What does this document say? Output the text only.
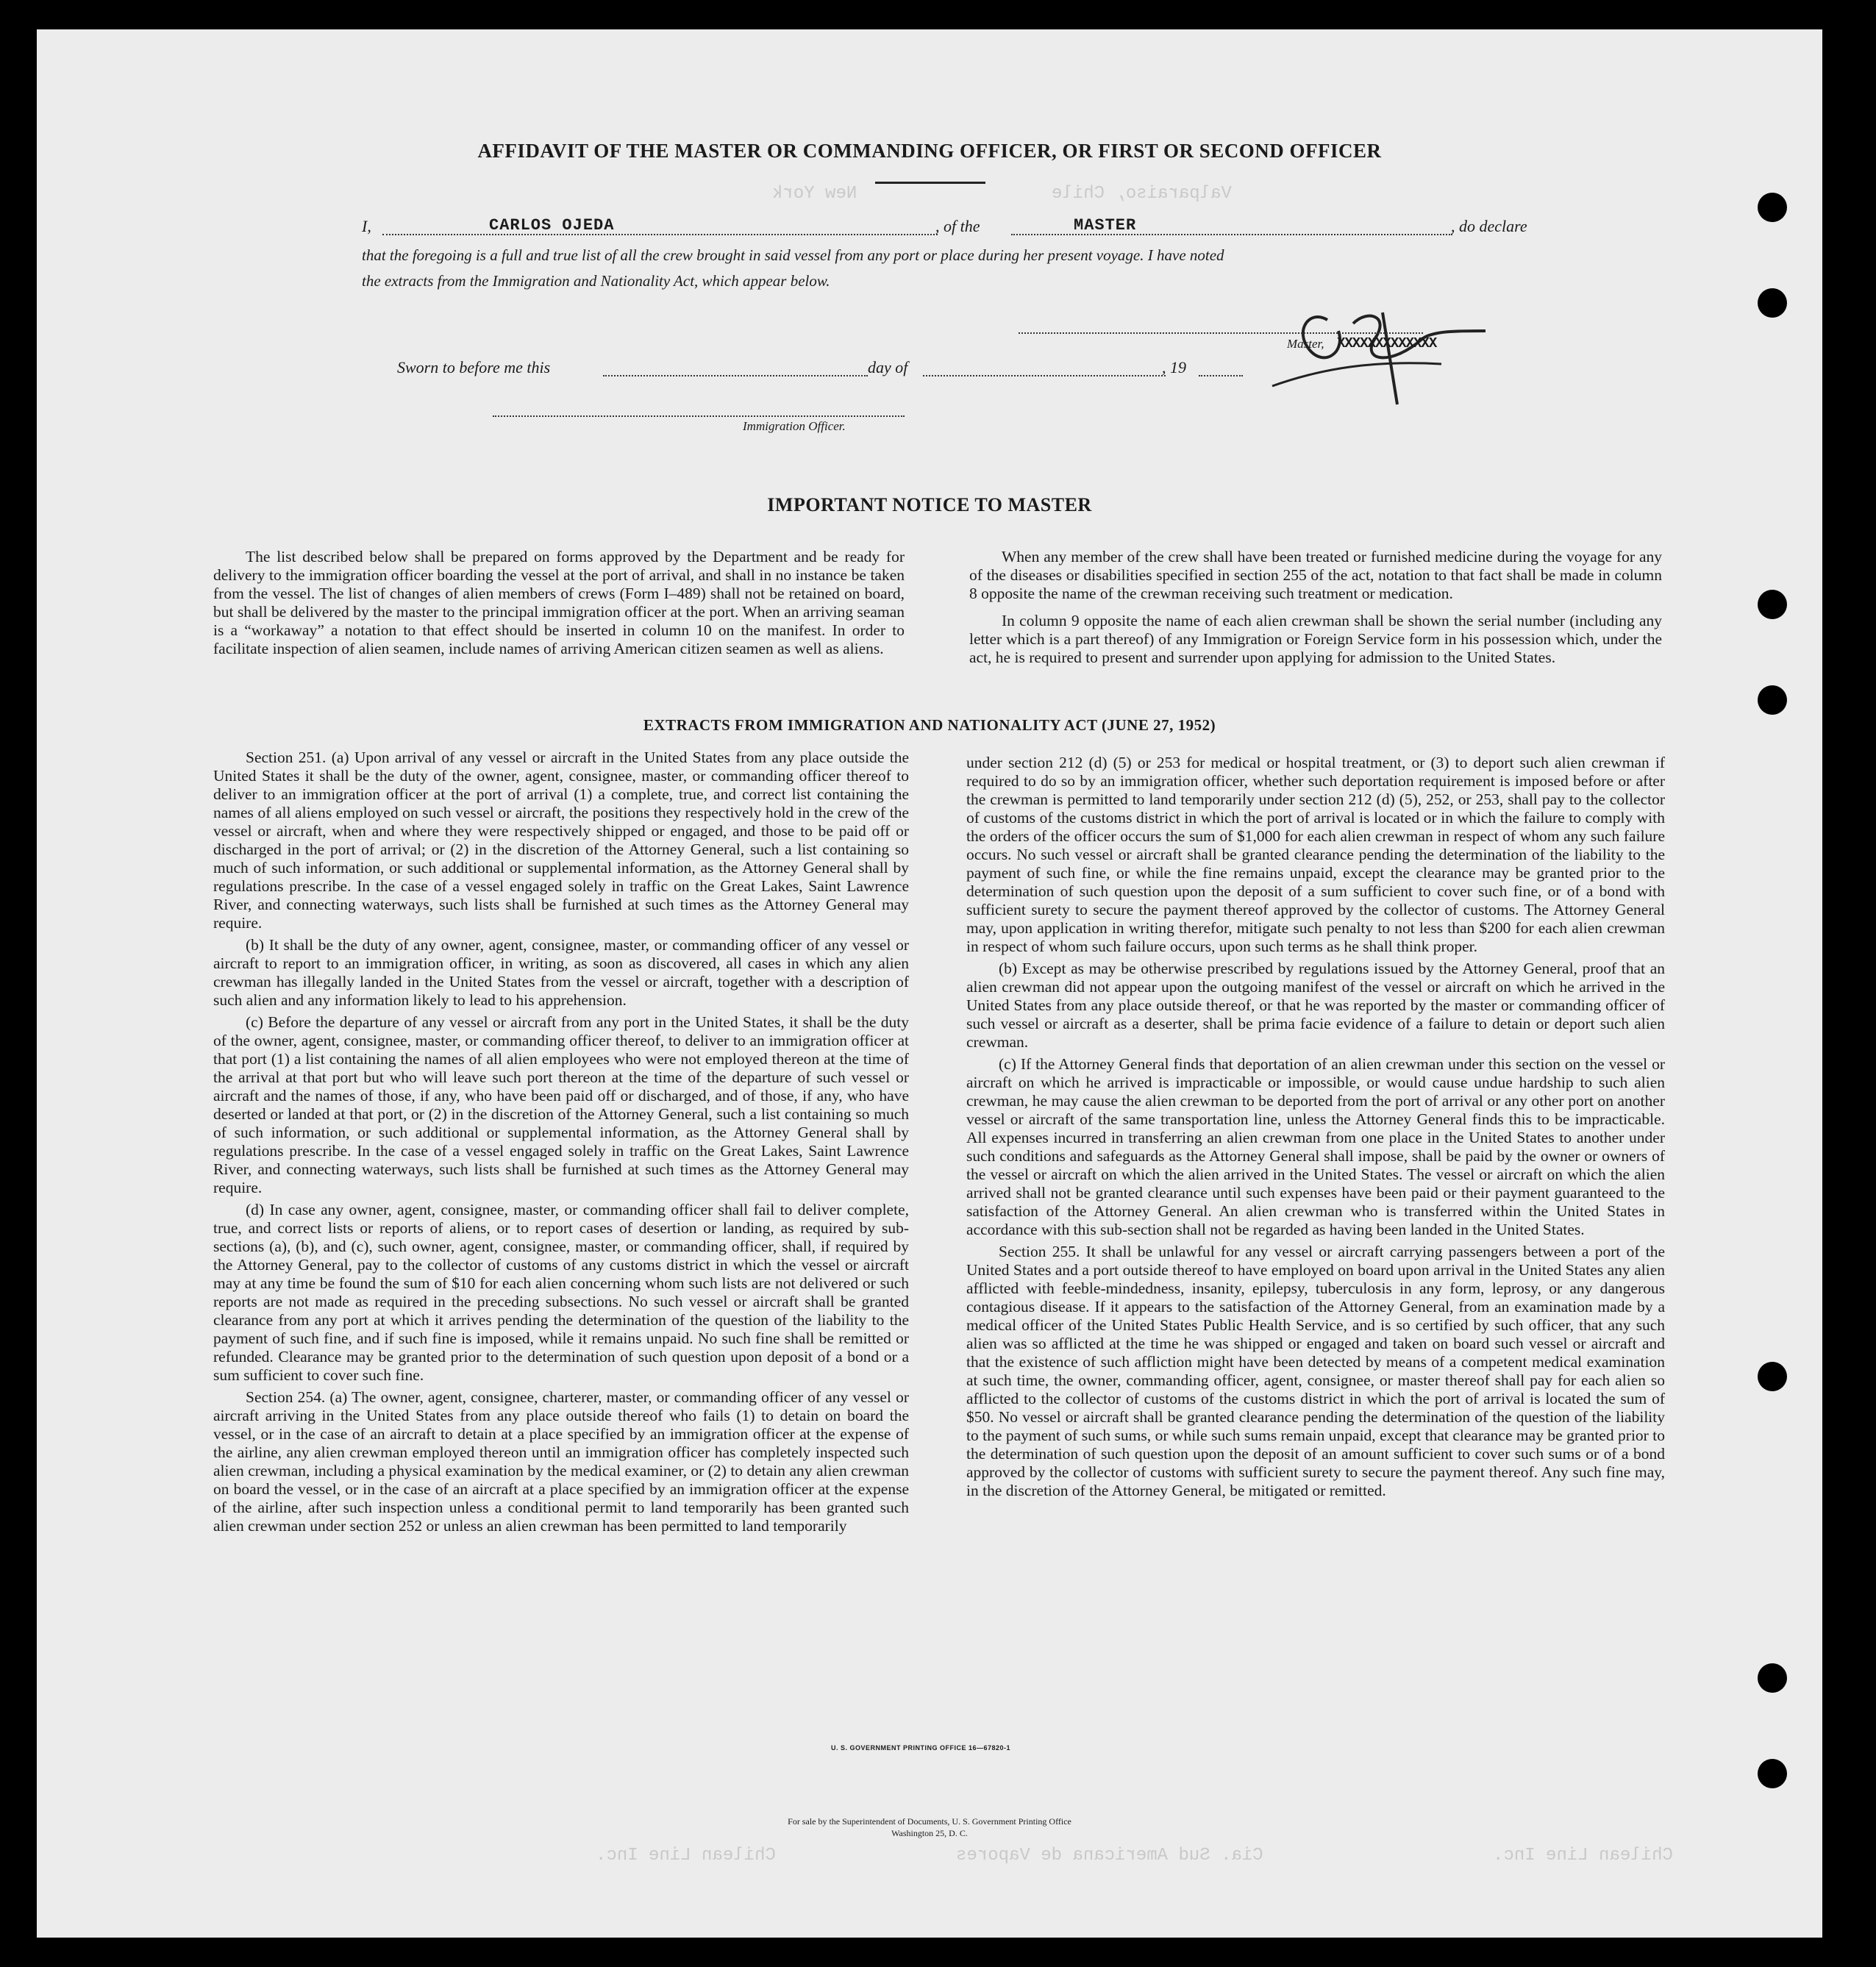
Valparaiso, Chile
New York
Chilean Line Inc.
Cia. Sud Americana de Vapores
Chilean Line Inc.
AFFIDAVIT OF THE MASTER OR COMMANDING OFFICER, OR FIRST OR SECOND OFFICER
I,	CARLOS OJEDA	, of the	MASTER	, do declare
that the foregoing is a full and true list of all the crew brought in said vessel from any port or place during her present voyage. I have noted
the extracts from the Immigration and Nationality Act, which appear below.
Master, XXXXXXXXXXXXX
Sworn to before me this	day of	, 19
Immigration Officer.
IMPORTANT NOTICE TO MASTER

The list described below shall be prepared on forms approved by the Department and be ready for delivery to the immigration officer boarding the vessel at the port of arrival, and shall in no instance be taken from the vessel. The list of changes of alien members of crews (Form I–489) shall not be retained on board, but shall be delivered by the master to the principal immigration officer at the port. When an arriving seaman is a “workaway” a notation to that effect should be inserted in column 10 on the manifest. In order to facilitate inspection of alien seamen, include names of arriving American citizen seamen as well as aliens.

When any member of the crew shall have been treated or furnished medicine during the voyage for any of the diseases or disabilities specified in section 255 of the act, notation to that fact shall be made in column 8 opposite the name of the crewman receiving such treatment or medication.

In column 9 opposite the name of each alien crewman shall be shown the serial number (including any letter which is a part thereof) of any Immigration or Foreign Service form in his possession which, under the act, he is required to present and surrender upon applying for admission to the United States.

EXTRACTS FROM IMMIGRATION AND NATIONALITY ACT (JUNE 27, 1952)

Section 251. (a) Upon arrival of any vessel or aircraft in the United States from any place outside the United States it shall be the duty of the owner, agent, consignee, master, or commanding officer thereof to deliver to an immigration officer at the port of arrival (1) a complete, true, and correct list containing the names of all aliens employed on such vessel or aircraft, the positions they respectively hold in the crew of the vessel or aircraft, when and where they were respectively shipped or engaged, and those to be paid off or discharged in the port of arrival; or (2) in the discretion of the Attorney General, such a list containing so much of such information, or such additional or supplemental information, as the Attorney General shall by regulations prescribe. In the case of a vessel engaged solely in traffic on the Great Lakes, Saint Lawrence River, and connecting waterways, such lists shall be furnished at such times as the Attorney General may require.

(b) It shall be the duty of any owner, agent, consignee, master, or commanding officer of any vessel or aircraft to report to an immigration officer, in writing, as soon as discovered, all cases in which any alien crewman has illegally landed in the United States from the vessel or aircraft, together with a description of such alien and any information likely to lead to his apprehension.

(c) Before the departure of any vessel or aircraft from any port in the United States, it shall be the duty of the owner, agent, consignee, master, or commanding officer thereof, to deliver to an immigration officer at that port (1) a list containing the names of all alien employees who were not employed thereon at the time of the arrival at that port but who will leave such port thereon at the time of the departure of such vessel or aircraft and the names of those, if any, who have been paid off or discharged, and of those, if any, who have deserted or landed at that port, or (2) in the discretion of the Attorney General, such a list containing so much of such information, or such additional or supplemental information, as the Attorney General shall by regulations prescribe. In the case of a vessel engaged solely in traffic on the Great Lakes, Saint Lawrence River, and connecting waterways, such lists shall be furnished at such times as the Attorney General may require.

(d) In case any owner, agent, consignee, master, or commanding officer shall fail to deliver complete, true, and correct lists or reports of aliens, or to report cases of desertion or landing, as required by sub-sections (a), (b), and (c), such owner, agent, consignee, master, or commanding officer, shall, if required by the Attorney General, pay to the collector of customs of any customs district in which the vessel or aircraft may at any time be found the sum of $10 for each alien concerning whom such lists are not delivered or such reports are not made as required in the preceding subsections. No such vessel or aircraft shall be granted clearance from any port at which it arrives pending the determination of the question of the liability to the payment of such fine, and if such fine is imposed, while it remains unpaid. No such fine shall be remitted or refunded. Clearance may be granted prior to the determination of such question upon deposit of a bond or a sum sufficient to cover such fine.

Section 254. (a) The owner, agent, consignee, charterer, master, or commanding officer of any vessel or aircraft arriving in the United States from any place outside thereof who fails (1) to detain on board the vessel, or in the case of an aircraft to detain at a place specified by an immigration officer at the expense of the airline, any alien crewman employed thereon until an immigration officer has completely inspected such alien crewman, including a physical examination by the medical examiner, or (2) to detain any alien crewman on board the vessel, or in the case of an aircraft at a place specified by an immigration officer at the expense of the airline, after such inspection unless a conditional permit to land temporarily has been granted such alien crewman under section 252 or unless an alien crewman has been permitted to land temporarily

under section 212 (d) (5) or 253 for medical or hospital treatment, or (3) to deport such alien crewman if required to do so by an immigration officer, whether such deportation requirement is imposed before or after the crewman is permitted to land temporarily under section 212 (d) (5), 252, or 253, shall pay to the collector of customs of the customs district in which the port of arrival is located or in which the failure to comply with the orders of the officer occurs the sum of $1,000 for each alien crewman in respect of whom any such failure occurs. No such vessel or aircraft shall be granted clearance pending the determination of the liability to the payment of such fine, or while the fine remains unpaid, except the clearance may be granted prior to the determination of such question upon the deposit of a sum sufficient to cover such fine, or of a bond with sufficient surety to secure the payment thereof approved by the collector of customs. The Attorney General may, upon application in writing therefor, mitigate such penalty to not less than $200 for each alien crewman in respect of whom such failure occurs, upon such terms as he shall think proper.

(b) Except as may be otherwise prescribed by regulations issued by the Attorney General, proof that an alien crewman did not appear upon the outgoing manifest of the vessel or aircraft on which he arrived in the United States from any place outside thereof, or that he was reported by the master or commanding officer of such vessel or aircraft as a deserter, shall be prima facie evidence of a failure to detain or deport such alien crewman.

(c) If the Attorney General finds that deportation of an alien crewman under this section on the vessel or aircraft on which he arrived is impracticable or impossible, or would cause undue hardship to such alien crewman, he may cause the alien crewman to be deported from the port of arrival or any other port on another vessel or aircraft of the same transportation line, unless the Attorney General finds this to be impracticable. All expenses incurred in transferring an alien crewman from one place in the United States to another under such conditions and safeguards as the Attorney General shall impose, shall be paid by the owner or owners of the vessel or aircraft on which the alien arrived in the United States. The vessel or aircraft on which the alien arrived shall not be granted clearance until such expenses have been paid or their payment guaranteed to the satisfaction of the Attorney General. An alien crewman who is transferred within the United States in accordance with this sub-section shall not be regarded as having been landed in the United States.

Section 255. It shall be unlawful for any vessel or aircraft carrying passengers between a port of the United States and a port outside thereof to have employed on board upon arrival in the United States any alien afflicted with feeble-mindedness, insanity, epilepsy, tuberculosis in any form, leprosy, or any dangerous contagious disease. If it appears to the satisfaction of the Attorney General, from an examination made by a medical officer of the United States Public Health Service, and is so certified by such officer, that any such alien was so afflicted at the time he was shipped or engaged and taken on board such vessel or aircraft and that the existence of such affliction might have been detected by means of a competent medical examination at such time, the owner, commanding officer, agent, consignee, or master thereof shall pay for each alien so afflicted to the collector of customs of the customs district in which the port of arrival is located the sum of $50. No vessel or aircraft shall be granted clearance pending the determination of the question of the liability to the payment of such sums, or while such sums remain unpaid, except that clearance may be granted prior to the determination of such question upon the deposit of an amount sufficient to cover such sums or of a bond approved by the collector of customs with sufficient surety to secure the payment thereof. Any such fine may, in the discretion of the Attorney General, be mitigated or remitted.

U. S. GOVERNMENT PRINTING OFFICE 16—67820-1
For sale by the Superintendent of Documents, U. S. Government Printing Office
Washington 25, D. C.
